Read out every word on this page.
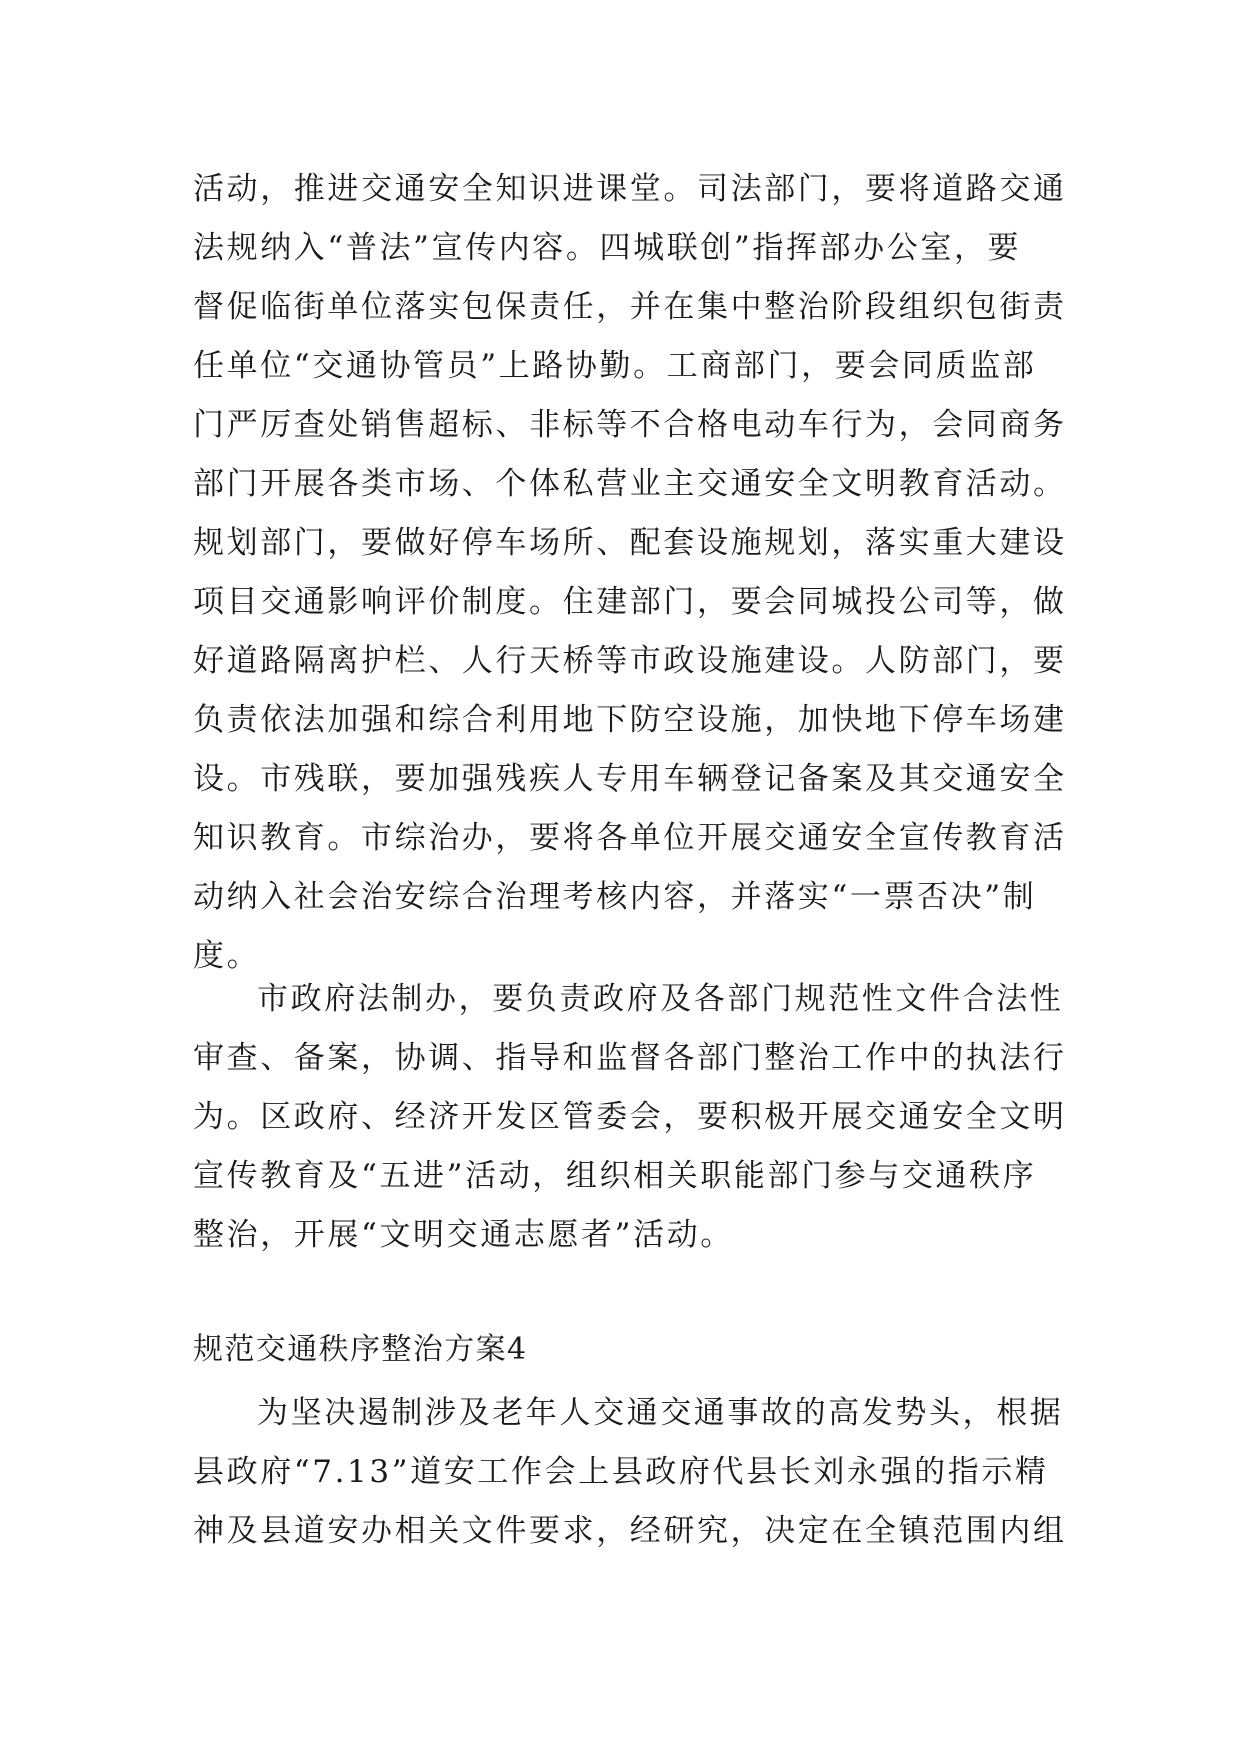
活动，推进交通安全知识进课堂。司法部门，要将道路交通
法规纳入“普法”宣传内容。四城联创”指挥部办公室，要
督促临街单位落实包保责任，并在集中整治阶段组织包街责
任单位“交通协管员”上路协勤。工商部门，要会同质监部
门严厉查处销售超标、非标等不合格电动车行为，会同商务
部门开展各类市场、个体私营业主交通安全文明教育活动。
规划部门，要做好停车场所、配套设施规划，落实重大建设
项目交通影响评价制度。住建部门，要会同城投公司等，做
好道路隔离护栏、人行天桥等市政设施建设。人防部门，要
负责依法加强和综合利用地下防空设施，加快地下停车场建
设。市残联，要加强残疾人专用车辆登记备案及其交通安全
知识教育。市综治办，要将各单位开展交通安全宣传教育活
动纳入社会治安综合治理考核内容，并落实“一票否决”制
度。
市政府法制办，要负责政府及各部门规范性文件合法性
审查、备案，协调、指导和监督各部门整治工作中的执法行
为。区政府、经济开发区管委会，要积极开展交通安全文明
宣传教育及“五进”活动，组织相关职能部门参与交通秩序
整治，开展“文明交通志愿者”活动。
规范交通秩序整治方案4
为坚决遏制涉及老年人交通交通事故的高发势头，根据
县政府“7.13”道安工作会上县政府代县长刘永强的指示精
神及县道安办相关文件要求，经研究，决定在全镇范围内组
